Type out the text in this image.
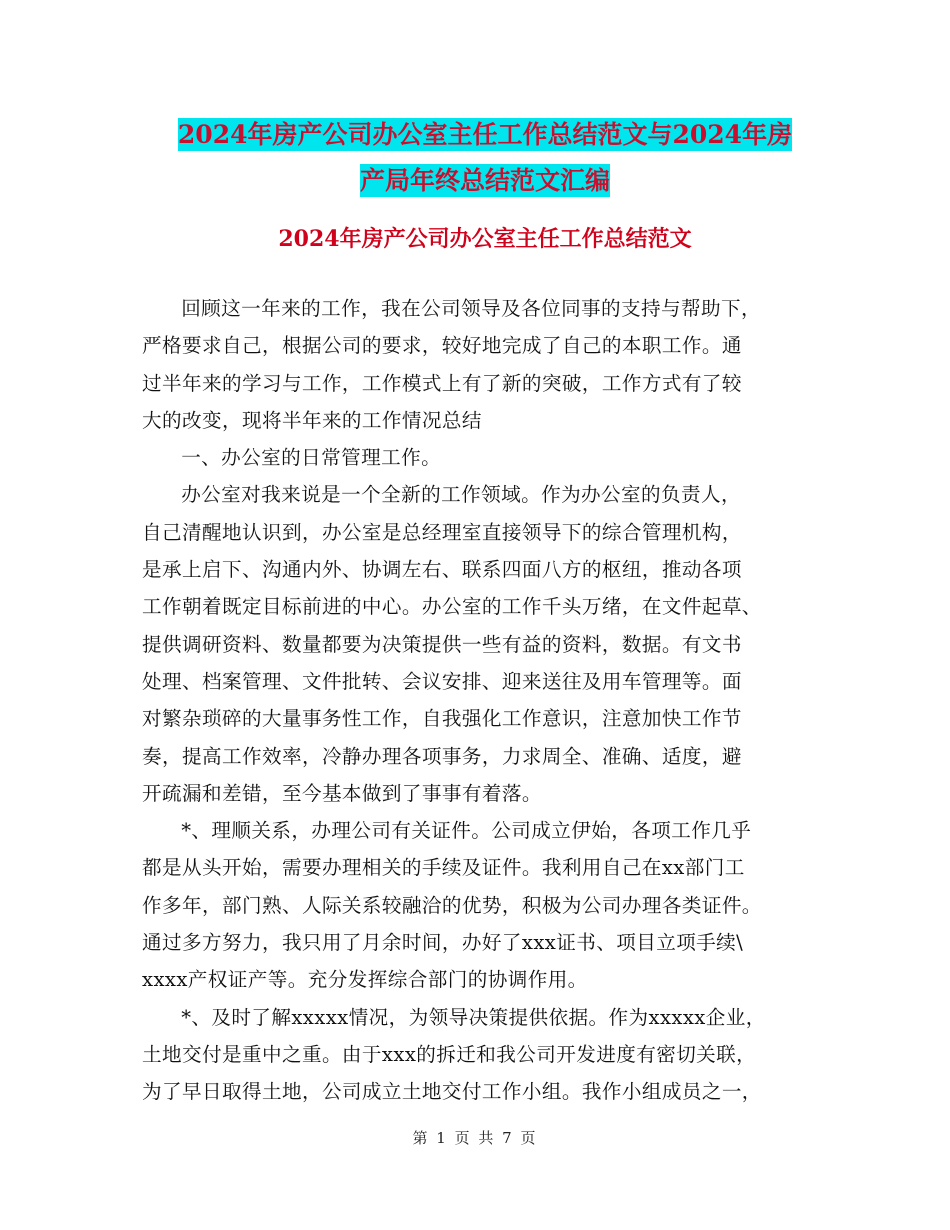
2024年房产公司办公室主任工作总结范文与2024年房
产局年终总结范文汇编
2024年房产公司办公室主任工作总结范文

回顾这一年来的工作，我在公司领导及各位同事的支持与帮助下，
严格要求自己，根据公司的要求，较好地完成了自己的本职工作。通
过半年来的学习与工作，工作模式上有了新的突破，工作方式有了较
大的改变，现将半年来的工作情况总结

一、办公室的日常管理工作。

办公室对我来说是一个全新的工作领域。作为办公室的负责人，
自己清醒地认识到，办公室是总经理室直接领导下的综合管理机构，
是承上启下、沟通内外、协调左右、联系四面八方的枢纽，推动各项
工作朝着既定目标前进的中心。办公室的工作千头万绪，在文件起草、
提供调研资料、数量都要为决策提供一些有益的资料，数据。有文书
处理、档案管理、文件批转、会议安排、迎来送往及用车管理等。面
对繁杂琐碎的大量事务性工作，自我强化工作意识，注意加快工作节
奏，提高工作效率，冷静办理各项事务，力求周全、准确、适度，避
开疏漏和差错，至今基本做到了事事有着落。

*、理顺关系，办理公司有关证件。公司成立伊始，各项工作几乎
都是从头开始，需要办理相关的手续及证件。我利用自己在xx部门工
作多年，部门熟、人际关系较融洽的优势，积极为公司办理各类证件。
通过多方努力，我只用了月余时间，办好了xxx证书、项目立项手续\
xxxx产权证产等。充分发挥综合部门的协调作用。

*、及时了解xxxxx情况，为领导决策提供依据。作为xxxxx企业，
土地交付是重中之重。由于xxx的拆迁和我公司开发进度有密切关联，
为了早日取得土地，公司成立土地交付工作小组。我作小组成员之一，

第 1 页 共 7 页
